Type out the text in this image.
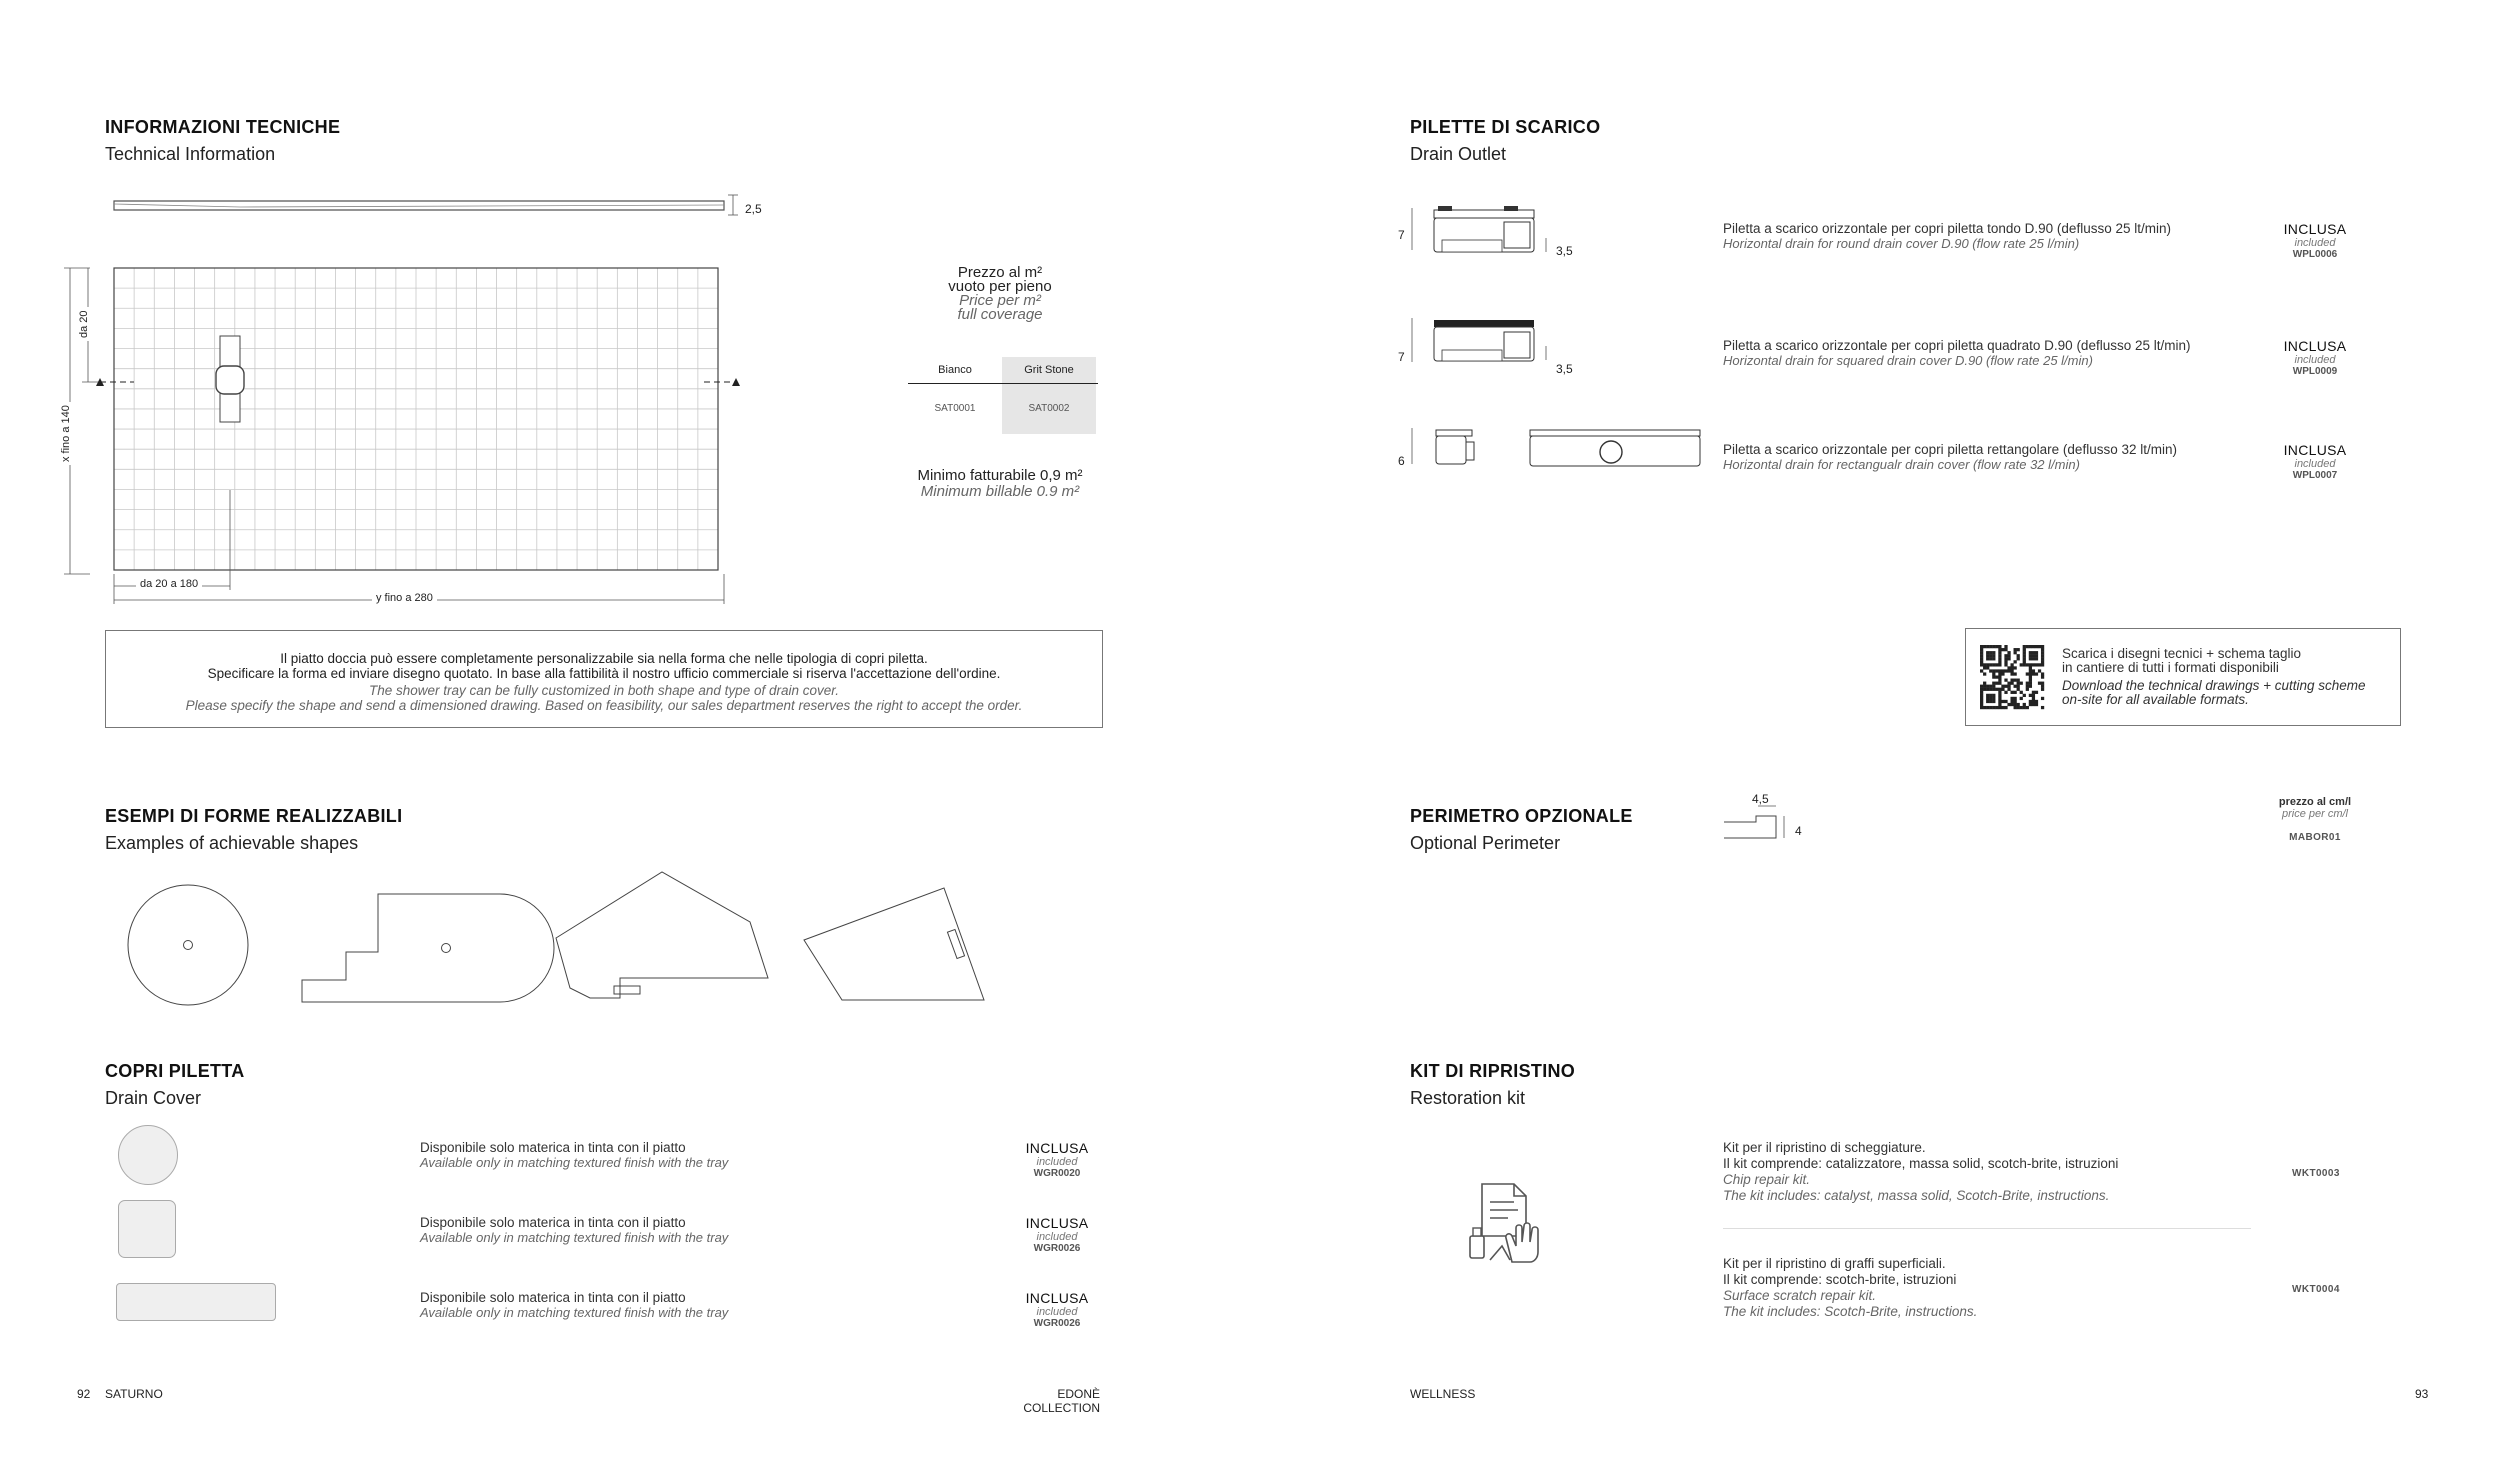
INFORMAZIONI TECNICHE
Technical Information
2,5
x fino a 140
da 20
da 20 a 180
y fino a 280
Prezzo al m²
vuoto per pieno
Price per m²
full coverage
Bianco	Grit Stone
SAT0001	SAT0002
Minimo fatturabile 0,9 m²
Minimum billable 0.9 m²
Il piatto doccia può essere completamente personalizzabile sia nella forma che nelle tipologia di copri piletta.
Specificare la forma ed inviare disegno quotato. In base alla fattibilità il nostro ufficio commerciale si riserva l'accettazione dell'ordine.
The shower tray can be fully customized in both shape and type of drain cover.
Please specify the shape and send a dimensioned drawing. Based on feasibility, our sales department reserves the right to accept the order.
ESEMPI DI FORME REALIZZABILI
Examples of achievable shapes
COPRI PILETTA
Drain Cover
Disponibile solo materica in tinta con il piatto
Available only in matching textured finish with the tray
INCLUSA
included
WGR0020
Disponibile solo materica in tinta con il piatto
Available only in matching textured finish with the tray
INCLUSA
included
WGR0026
Disponibile solo materica in tinta con il piatto
Available only in matching textured finish with the tray
INCLUSA
included
WGR0026
92 SATURNO	EDONÈ COLLECTION
PILETTE DI SCARICO
Drain Outlet
7
3,5
7
3,5
6
Piletta a scarico orizzontale per copri piletta tondo D.90 (deflusso 25 lt/min)
Horizontal drain for round drain cover D.90 (flow rate 25 l/min)
INCLUSA
included
WPL0006
Piletta a scarico orizzontale per copri piletta quadrato D.90 (deflusso 25 lt/min)
Horizontal drain for squared drain cover D.90 (flow rate 25 l/min)
INCLUSA
included
WPL0009
Piletta a scarico orizzontale per copri piletta rettangolare (deflusso 32 lt/min)
Horizontal drain for rectangualr drain cover (flow rate 32 l/min)
INCLUSA
included
WPL0007
Scarica i disegni tecnici + schema taglio
in cantiere di tutti i formati disponibili
Download the technical drawings + cutting scheme
on-site for all available formats.
PERIMETRO OPZIONALE
Optional Perimeter
4,5
4
prezzo al cm/l
price per cm/l
MABOR01
KIT DI RIPRISTINO
Restoration kit
Kit per il ripristino di scheggiature.
Il kit comprende: catalizzatore, massa solid, scotch-brite, istruzioni
Chip repair kit.
The kit includes: catalyst, massa solid, Scotch-Brite, instructions.
WKT0003
Kit per il ripristino di graffi superficiali.
Il kit comprende: scotch-brite, istruzioni
Surface scratch repair kit.
The kit includes: Scotch-Brite, instructions.
WKT0004
WELLNESS	93
